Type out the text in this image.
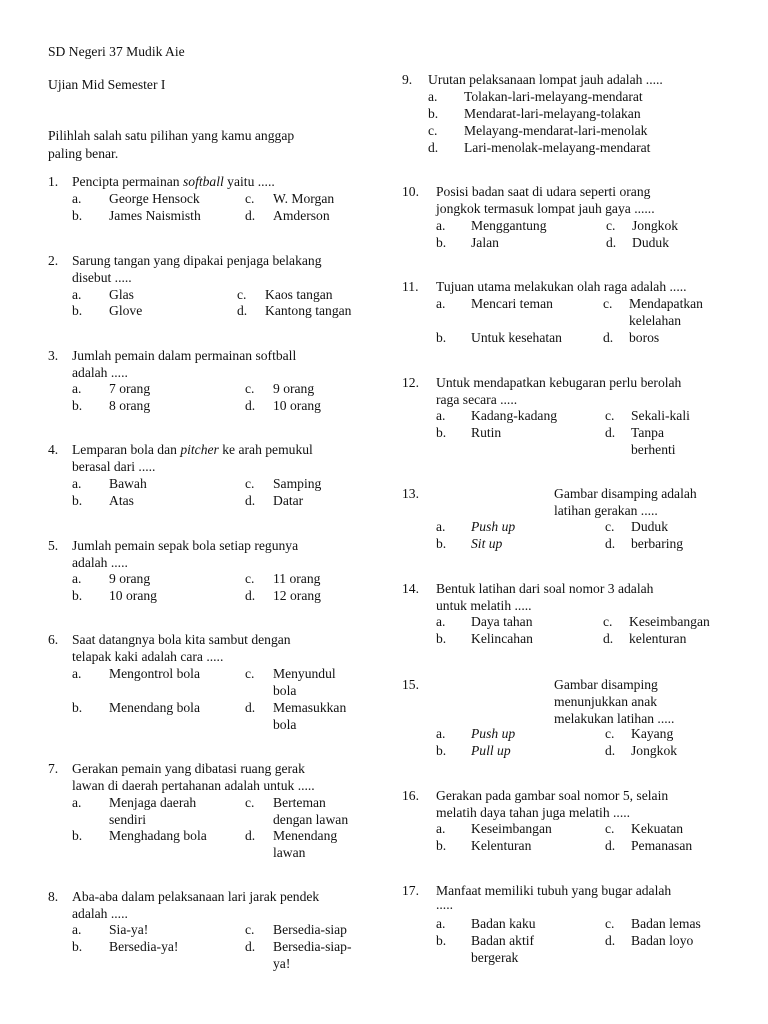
SD Negeri 37 Mudik Aie
Ujian Mid Semester I
Pilihlah salah satu pilihan yang kamu anggap
paling benar.
1. Pencipta permainan softball yaitu .....
a. George Hensock
b. James Naismisth
c. W. Morgan
d. Amderson
2. Sarung tangan yang dipakai penjaga belakang
disebut .....
a. Glas
b. Glove
c. Kaos tangan
d. Kantong tangan
3. Jumlah pemain dalam permainan softball
adalah .....
a. 7 orang
b. 8 orang
c. 9 orang
d. 10 orang
4. Lemparan bola dan pitcher ke arah pemukul
berasal dari .....
a. Bawah
b. Atas
c. Samping
d. Datar
5. Jumlah pemain sepak bola setiap regunya
adalah .....
a. 9 orang
b. 10 orang
c. 11 orang
d. 12 orang
6. Saat datangnya bola kita sambut dengan
telapak kaki adalah cara .....
a. Mengontrol bola
b. Menendang bola
c. Menyundul
bola
d. Memasukkan
bola
7. Gerakan pemain yang dibatasi ruang gerak
lawan di daerah pertahanan adalah untuk .....
a. Menjaga daerah
sendiri
b. Menghadang bola
c. Berteman
dengan lawan
d. Menendang
lawan
8. Aba-aba dalam pelaksanaan lari jarak pendek
adalah .....
a. Sia-ya!
b. Bersedia-ya!
c. Bersedia-siap
d. Bersedia-siap-
ya!
9. Urutan pelaksanaan lompat jauh adalah .....
a. Tolakan-lari-melayang-mendarat
b. Mendarat-lari-melayang-tolakan
c. Melayang-mendarat-lari-menolak
d. Lari-menolak-melayang-mendarat
10. Posisi badan saat di udara seperti orang
jongkok termasuk lompat jauh gaya ......
a. Menggantung
b. Jalan
c. Jongkok
d. Duduk
11. Tujuan utama melakukan olah raga adalah .....
a. Mencari teman
b. Untuk kesehatan
c. Mendapatkan
kelelahan
d. boros
12. Untuk mendapatkan kebugaran perlu berolah
raga secara .....
a. Kadang-kadang
b. Rutin
c. Sekali-kali
d. Tanpa
berhenti
13.	Gambar disamping adalah
latihan gerakan .....
a. Push up
b. Sit up
c. Duduk
d. berbaring
14. Bentuk latihan dari soal nomor 3 adalah
untuk melatih .....
a. Daya tahan
b. Kelincahan
c. Keseimbangan
d. kelenturan
15.	Gambar disamping
menunjukkan anak
melakukan latihan .....
a. Push up
b. Pull up
c. Kayang
d. Jongkok
16. Gerakan pada gambar soal nomor 5, selain
melatih daya tahan juga melatih .....
a. Keseimbangan
b. Kelenturan
c. Kekuatan
d. Pemanasan
17. Manfaat memiliki tubuh yang bugar adalah
.....
a. Badan kaku
b. Badan aktif
bergerak
c. Badan lemas
d. Badan loyo
